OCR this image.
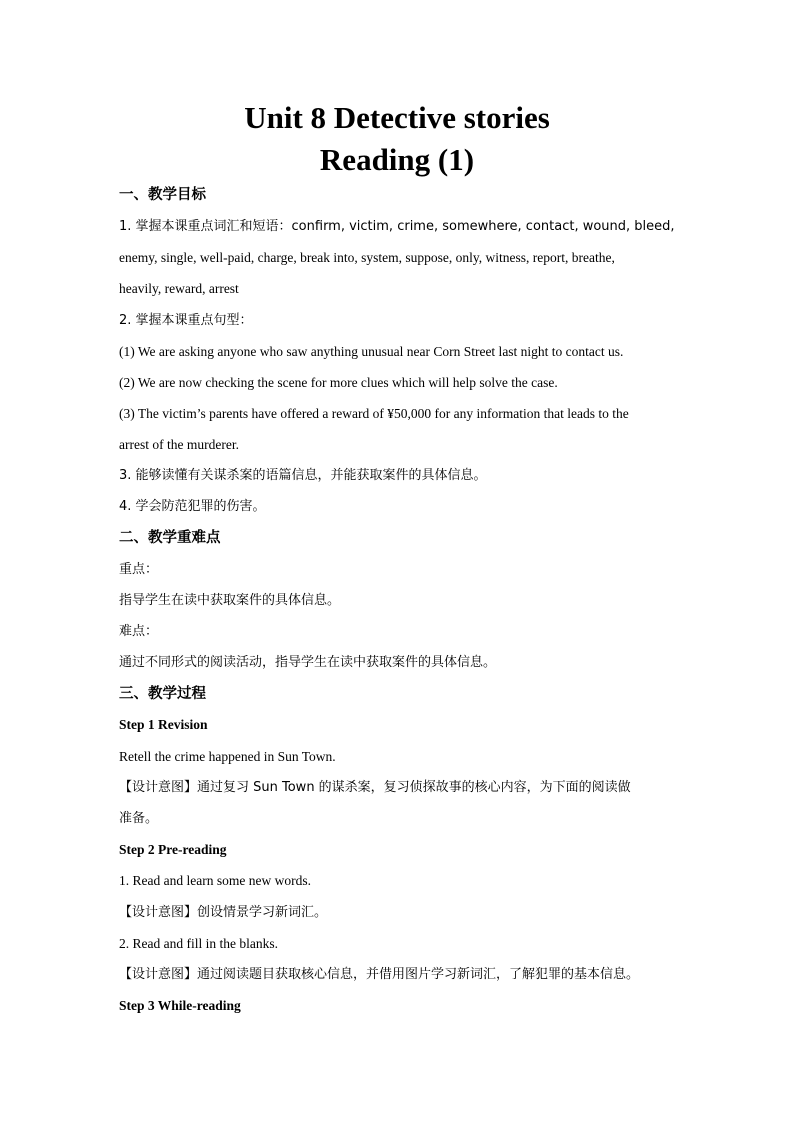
Unit 8 Detective stories
Reading (1)
一、教学目标
1. 掌握本课重点词汇和短语：confirm, victim, crime, somewhere, contact, wound, bleed,
enemy, single, well-paid, charge, break into, system, suppose, only, witness, report, breathe,
heavily, reward, arrest
2. 掌握本课重点句型：
(1) We are asking anyone who saw anything unusual near Corn Street last night to contact us.
(2) We are now checking the scene for more clues which will help solve the case.
(3) The victim’s parents have offered a reward of ¥50,000 for any information that leads to the
arrest of the murderer.
3. 能够读懂有关谋杀案的语篇信息，并能获取案件的具体信息。
4. 学会防范犯罪的伤害。
二、教学重难点
重点：
指导学生在读中获取案件的具体信息。
难点：
通过不同形式的阅读活动，指导学生在读中获取案件的具体信息。
三、教学过程
Step 1 Revision
Retell the crime happened in Sun Town.
【设计意图】通过复习 Sun Town 的谋杀案，复习侦探故事的核心内容，为下面的阅读做
准备。
Step 2 Pre-reading
1. Read and learn some new words.
【设计意图】创设情景学习新词汇。
2. Read and fill in the blanks.
【设计意图】通过阅读题目获取核心信息，并借用图片学习新词汇，了解犯罪的基本信息。
Step 3 While-reading
